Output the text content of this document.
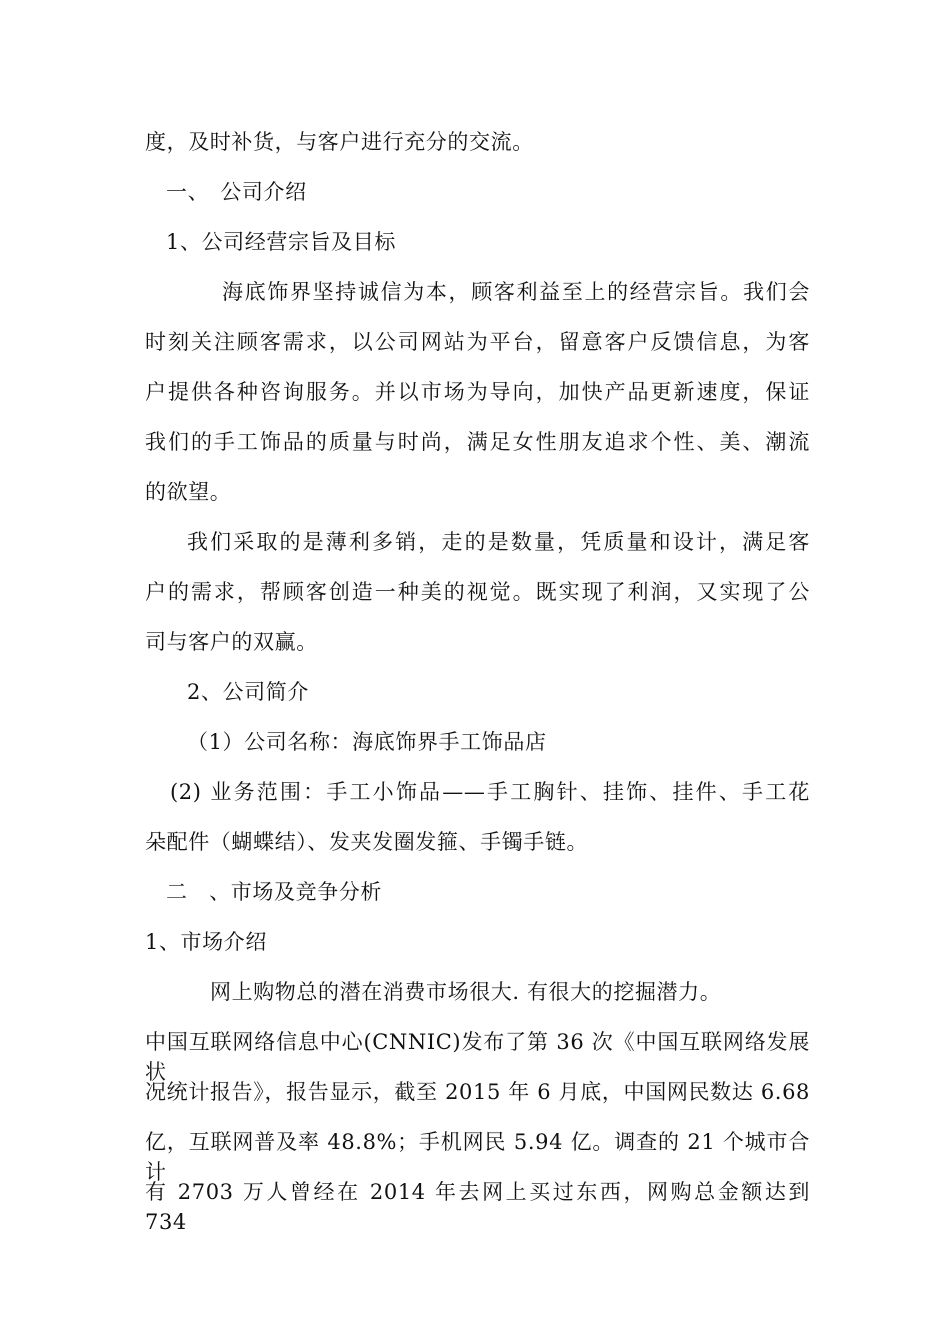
度，及时补货，与客户进行充分的交流。
一、　公司介绍
1、公司经营宗旨及目标
海底饰界坚持诚信为本，顾客利益至上的经营宗旨。我们会
时刻关注顾客需求，以公司网站为平台，留意客户反馈信息，为客
户提供各种咨询服务。并以市场为导向，加快产品更新速度，保证
我们的手工饰品的质量与时尚，满足女性朋友追求个性、美、潮流
的欲望。
我们采取的是薄利多销，走的是数量，凭质量和设计，满足客
户的需求，帮顾客创造一种美的视觉。既实现了利润，又实现了公
司与客户的双赢。
2、公司简介
（1）公司名称：海底饰界手工饰品店
(2) 业务范围：手工小饰品——手工胸针、挂饰、挂件、手工花
朵配件（蝴蝶结）、发夹发圈发箍、手镯手链。
二　、市场及竞争分析
1、市场介绍
网上购物总的潜在消费市场很大. 有很大的挖掘潜力。
中国互联网络信息中心(CNNIC)发布了第 36 次《中国互联网络发展状
况统计报告》，报告显示，截至 2015 年 6 月底，中国网民数达 6.68
亿，互联网普及率 48.8%；手机网民 5.94 亿。调查的 21 个城市合计
有 2703 万人曾经在 2014 年去网上买过东西，网购总金额达到 734
